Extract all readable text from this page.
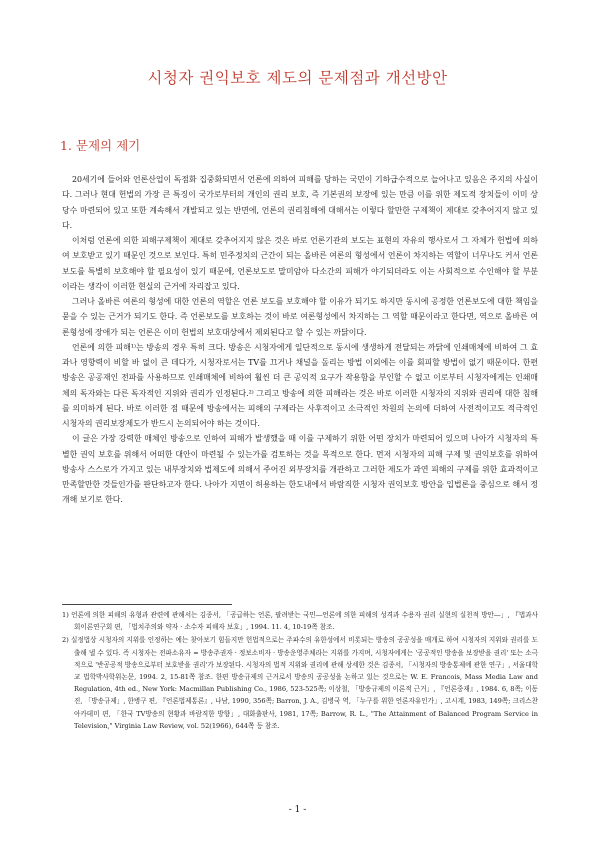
시청자 권익보호 제도의 문제점과 개선방안
1. 문제의 제기

20세기에 들어와 언론산업이 독점화 집중화되면서 언론에 의하여 피해를 당하는 국민이 기하급수적으로 늘어나고 있음은 주지의 사실이다. 그러나 현대 헌법의 가장 큰 특징이 국가로부터의 개인의 권리 보호, 즉 기본권의 보장에 있는 만큼 이를 위한 제도적 장치들이 이미 상당수 마련되어 있고 또한 계속해서 개발되고 있는 반면에, 언론의 권리침해에 대해서는 이렇다 할만한 구제책이 제대로 갖추어지지 않고 있다.

이처럼 언론에 의한 피해구제책이 제대로 갖추어지지 않은 것은 바로 언론기관의 보도는 표현의 자유의 행사로서 그 자체가 헌법에 의하여 보호받고 있기 때문인 것으로 보인다. 특히 민주정치의 근간이 되는 올바른 여론의 형성에서 언론이 차지하는 역할이 너무나도 커서 언론보도를 특별히 보호해야 할 필요성이 있기 때문에, 언론보도로 말미암아 다소간의 피해가 야기되더라도 이는 사회적으로 수인해야 할 부분이라는 생각이 이러한 현실의 근거에 자리잡고 있다.

그러나 올바른 여론의 형성에 대한 언론의 역할은 언론 보도를 보호해야 할 이유가 되기도 하지만 동시에 공정한 언론보도에 대한 책임을 묻을 수 있는 근거가 되기도 한다. 즉 언론보도를 보호하는 것이 바로 여론형성에서 차지하는 그 역할 때문이라고 한다면, 역으로 올바른 여론형성에 장애가 되는 언론은 이미 헌법의 보호대상에서 제외된다고 할 수 있는 까닭이다.

언론에 의한 피해¹⁾는 방송의 경우 특히 크다. 방송은 시청자에게 일단적으로 동시에 생생하게 전달되는 까닭에 인쇄매체에 비하여 그 효과나 영향력이 비할 바 없이 큰 데다가, 시청자로서는 TV를 끄거나 채널을 돌리는 방법 이외에는 이를 회피할 방법이 없기 때문이다. 한편 방송은 공공재인 전파를 사용하므로 인쇄매체에 비하여 훨씬 더 큰 공익적 요구가 작용함을 부인할 수 없고 이로부터 시청자에게는 인쇄매체의 독자와는 다른 독자적인 지위와 권리가 인정된다.²⁾ 그리고 방송에 의한 피해라는 것은 바로 이러한 시청자의 지위와 권리에 대한 침해를 의미하게 된다. 바로 이러한 점 때문에 방송에서는 피해의 구제라는 사후적이고 소극적인 차원의 논의에 더하여 사전적이고도 적극적인 시청자의 권리보장제도가 반드시 논의되어야 하는 것이다.

이 글은 가장 강력한 매체인 방송으로 인하여 피해가 발생했을 때 이를 구제하기 위한 어떤 장치가 마련되어 있으며 나아가 시청자의 특별한 권익 보호를 위해서 어떠한 대안이 마련될 수 있는가를 검토하는 것을 목적으로 한다. 먼저 시청자의 피해 구제 및 권익보호를 위하여 방송사 스스로가 가지고 있는 내부장치와 법제도에 의해서 주어진 외부장치를 개관하고 그러한 제도가 과연 피해의 구제를 위한 효과적이고 만족할만한 것들인가를 판단하고자 한다. 나아가 지면이 허용하는 한도내에서 바람직한 시청자 권익보호 방안을 입법론을 중심으로 해서 정개해 보기로 한다.

1) 언론에 의한 피해의 유형과 관련에 관해서는 김종서, 「공급하는 언론, 팔려받는 국민―언론에 의한 피해의 성격과 수용자 권리 실현의 실천적 방안―」, 『법과사회이론연구회 편, 「법치주의와 약자 · 소수자 피해자 보호」, 1994. 11. 4, 10-19쪽 참조.

2) 실정법상 시청자의 지위를 인정하는 예는 찾아보기 힘들지만 헌법적으로는 주파수의 유한성에서 비롯되는 방송의 공공성을 매개로 하여 시청자의 지위와 권리를 도출해 낼 수 있다. 즉 시청자는 전파소유자 = 방송주권자 · 정보소비자 · 방송운영주체라는 지위를 가지며, 시청자에게는 '공공적인 방송을 보장받을 권리' 또는 소극적으로 '반공공적 방송으로부터 보호받을 권리'가 보장된다. 시청자의 법적 지위와 권리에 관해 상세한 것은 김종서, 「시청자의 방송통제에 관한 연구」, 서울대학교 법학박사학위논문, 1994. 2, 15-81쪽 참조. 한편 방송규제의 근거로서 방송의 공공성을 논하고 있는 것으로는 W. E. Francois, Mass Media Law and Regulation, 4th ed., New York: Macmillan Publishing Co., 1986, 523-525쪽; 이상철, 「방송규제의 이론적 근거」, 『언론중재』, 1984. 6, 8쪽; 이동진, 「방송규제」, 한병구 편, 『언론법제통론』, 나남, 1990, 356쪽; Barron, J. A., 김병국 역, 「누구를 위한 언론자유인가」, 고시계, 1983, 149쪽; 크리스찬 아카데미 편, 「한국 TV방송의 현황과 바람직한 방향」, 대화출판사, 1981, 17쪽; Barrow, R. L., "The Attainment of Balanced Program Service in Television," Virginia Law Review, vol. 52(1966), 644쪽 등 참조.

- 1 -
